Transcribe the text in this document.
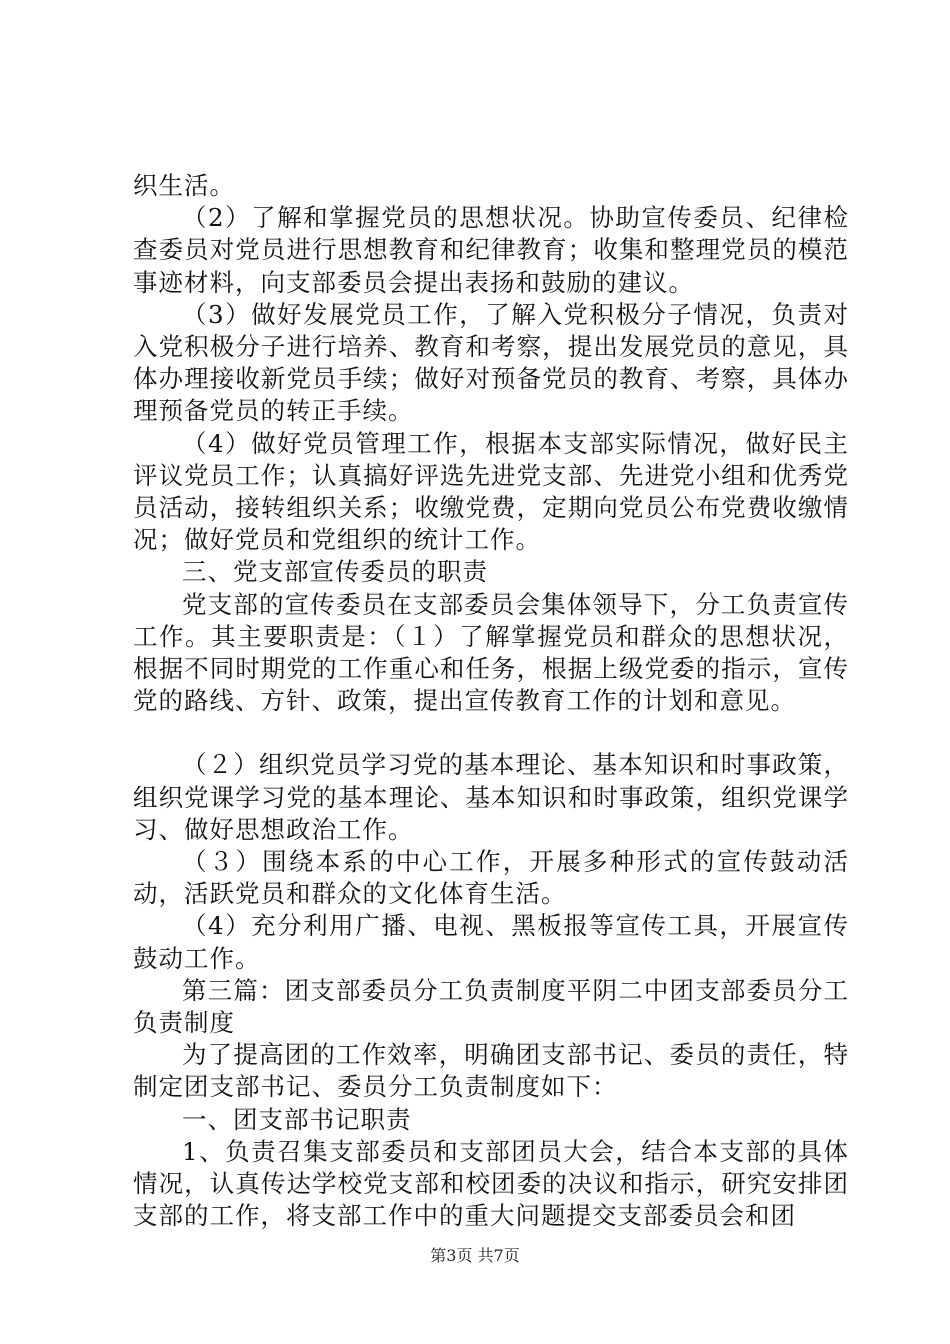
织生活。

（2）了解和掌握党员的思想状况。协助宣传委员、纪律检查委员对党员进行思想教育和纪律教育；收集和整理党员的模范事迹材料，向支部委员会提出表扬和鼓励的建议。

（3）做好发展党员工作，了解入党积极分子情况，负责对入党积极分子进行培养、教育和考察，提出发展党员的意见，具体办理接收新党员手续；做好对预备党员的教育、考察，具体办理预备党员的转正手续。

（4）做好党员管理工作，根据本支部实际情况，做好民主评议党员工作；认真搞好评选先进党支部、先进党小组和优秀党员活动，接转组织关系；收缴党费，定期向党员公布党费收缴情况；做好党员和党组织的统计工作。

三、党支部宣传委员的职责

党支部的宣传委员在支部委员会集体领导下，分工负责宣传工作。其主要职责是：（１）了解掌握党员和群众的思想状况，根据不同时期党的工作重心和任务，根据上级党委的指示，宣传党的路线、方针、政策，提出宣传教育工作的计划和意见。

（２）组织党员学习党的基本理论、基本知识和时事政策，组织党课学习党的基本理论、基本知识和时事政策，组织党课学习、做好思想政治工作。

（３）围绕本系的中心工作，开展多种形式的宣传鼓动活动，活跃党员和群众的文化体育生活。

（4）充分利用广播、电视、黑板报等宣传工具，开展宣传鼓动工作。

第三篇：团支部委员分工负责制度平阴二中团支部委员分工负责制度

为了提高团的工作效率，明确团支部书记、委员的责任，特制定团支部书记、委员分工负责制度如下：

一、团支部书记职责

1、负责召集支部委员和支部团员大会，结合本支部的具体情况，认真传达学校党支部和校团委的决议和指示，研究安排团支部的工作，将支部工作中的重大问题提交支部委员会和团

第3页 共7页
